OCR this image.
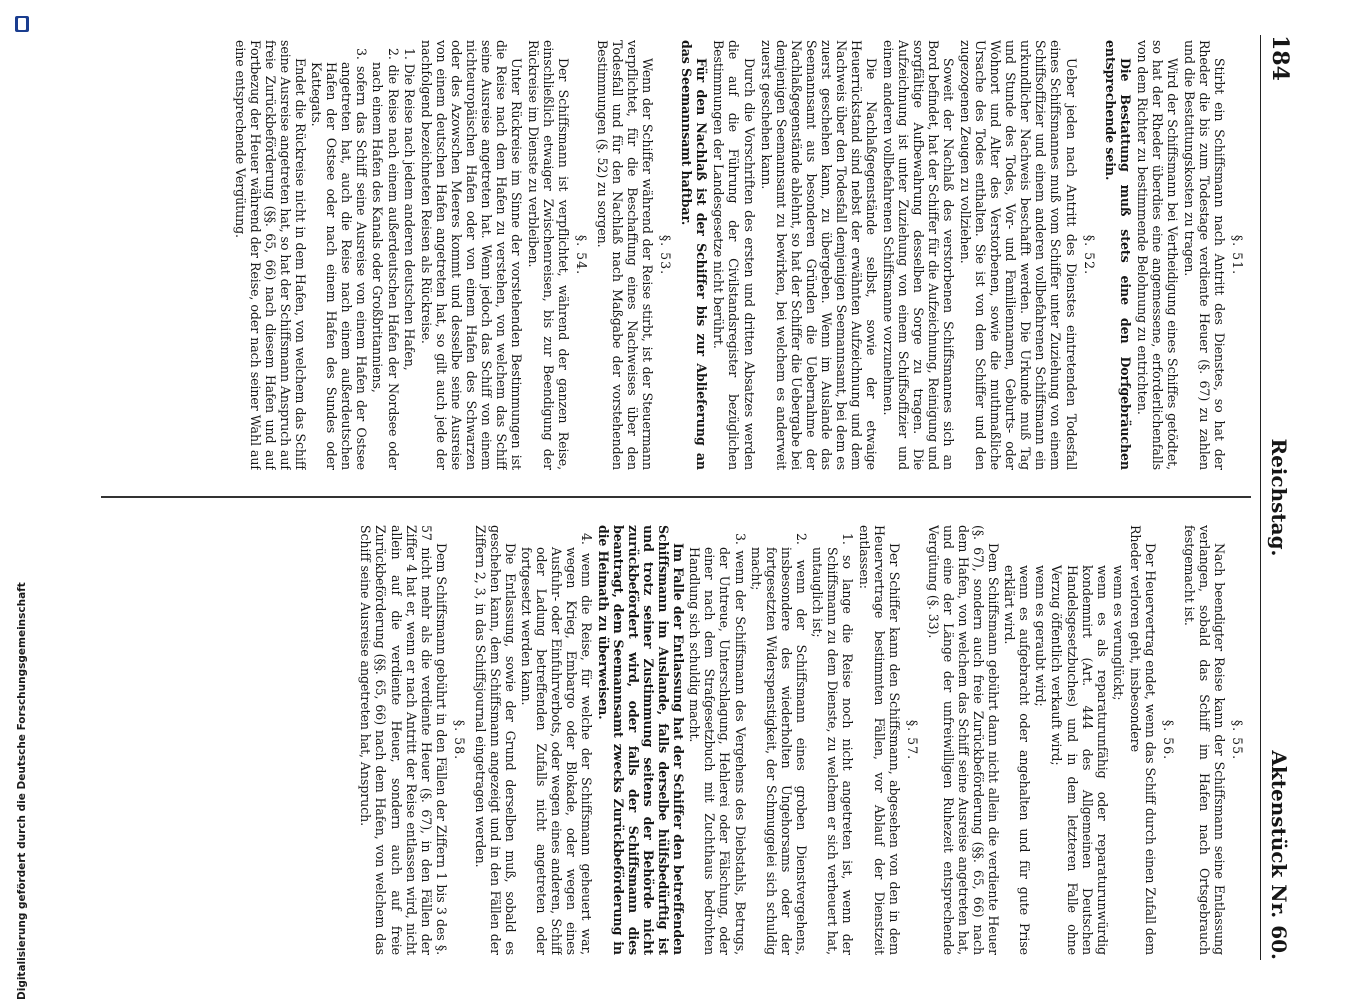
184
Reichstag.
Aktenstück Nr. 60.

§. 51.

Stirbt ein Schiffsmann nach Antritt des Dienstes, so hat der Rheder die bis zum Todestage verdiente Heuer (§. 67) zu zahlen und die Bestattungskosten zu tragen.

Wird der Schiffsmann bei Vertheidigung eines Schiffes getödtet, so hat der Rheder überdies eine angemessene, erforderlichenfalls von dem Richter zu bestimmende Belohnung zu entrichten.

Die Bestattung muß stets eine den Dorfgebräuchen entsprechende sein.

§. 52.

Ueber jeden nach Antritt des Dienstes eintretenden Todesfall eines Schiffsmannes muß vom Schiffer unter Zuziehung von einem Schiffsoffizier und einem anderen vollbefahrenen Schiffsmann ein urkundlicher Nachweis beschafft werden. Die Urkunde muß Tag und Stunde des Todes, Vor- und Familiennamen, Geburts- oder Wohnort und Alter des Verstorbenen, sowie die muthmaßliche Ursache des Todes enthalten. Sie ist von dem Schiffer und den zugezogenen Zeugen zu vollziehen.

Soweit der Nachlaß des verstorbenen Schiffsmannes sich an Bord befindet, hat der Schiffer für die Aufzeichnung, Reinigung und sorgfältige Aufbewahrung desselben Sorge zu tragen. Die Aufzeichnung ist unter Zuziehung von einem Schiffsoffizier und einem anderen vollbefahrenen Schiffsmanne vorzunehmen.

Die Nachlaßgegenstände selbst, sowie der etwaige Heuerrückstand sind nebst der erwähnten Aufzeichnung und dem Nachweis über den Todesfall demjenigen Seemannsamt, bei dem es zuerst geschehen kann, zu übergeben. Wenn im Auslande das Seemannsamt aus besonderen Gründen die Uebernahme der Nachlaßgegenstände ablehnt, so hat der Schiffer die Uebergabe bei demjenigen Seemannsamt zu bewirken, bei welchem es anderweit zuerst geschehen kann.

Durch die Vorschriften des ersten und dritten Absatzes werden die auf die Führung der Civilstandsregister bezüglichen Bestimmungen der Landesgesetze nicht berührt.

Für den Nachlaß ist der Schiffer bis zur Ablieferung an das Seemannsamt haftbar.

§. 53.

Wenn der Schiffer während der Reise stirbt, ist der Steuermann verpflichtet, für die Beschaffung eines Nachweises über den Todesfall und für den Nachlaß nach Maßgabe der vorstehenden Bestimmungen (§. 52) zu sorgen.

§. 54.

Der Schiffsmann ist verpflichtet, während der ganzen Reise, einschließlich etwaiger Zwischenreisen, bis zur Beendigung der Rückreise im Dienste zu verbleiben.

Unter Rückreise im Sinne der vorstehenden Bestimmungen ist die Reise nach dem Hafen zu verstehen, von welchem das Schiff seine Ausreise angetreten hat. Wenn jedoch das Schiff von einem nichteuropäischen Hafen oder von einem Hafen des Schwarzen oder des Azowschen Meeres kommt und desselbe seine Ausreise von einem deutschen Hafen angetreten hat, so gilt auch jede der nachfolgend bezeichneten Reisen als Rückreise.

1. Die Reise nach jedem anderen deutschen Hafen,

2. die Reise nach einem außerdeutschen Hafen der Nordsee oder nach einem Hafen des Kanals oder Großbritanniens,

3. sofern das Schiff seine Ausreise von einem Hafen der Ostsee angetreten hat, auch die Reise nach einem außerdeutschen Hafen der Ostsee oder nach einem Hafen des Sundes oder Kattegats.

Endet die Rückreise nicht in dem Hafen, von welchem das Schiff seine Ausreise angetreten hat, so hat der Schiffsmann Anspruch auf freie Zurückbeförderung (§§. 65, 66) nach diesem Hafen und auf Fortbezug der Heuer während der Reise, oder nach seiner Wahl auf eine entsprechende Vergütung.

§. 55.

Nach beendigter Reise kann der Schiffsmann seine Entlassung verlangen, sobald das Schiff im Hafen nach Ortsgebrauch festgemacht ist.

§. 56.

Der Heuervertrag endet, wenn das Schiff durch einen Zufall dem Rheder verloren geht, insbesondere

wenn es verunglückt;

wenn es als reparaturunfähig oder reparaturunwürdig kondemnirt (Art. 444 des Allgemeinen Deutschen Handelsgesetzbuches) und in dem letzteren Falle ohne Verzug öffentlich verkauft wird;

wenn es geraubt wird;

wenn es aufgebracht oder angehalten und für gute Prise erklärt wird.

Dem Schiffsmann gebührt dann nicht allein die verdiente Heuer (§. 67), sondern auch freie Zurückbeförderung (§§. 65, 66) nach dem Hafen, von welchem das Schiff seine Ausreise angetreten hat, und eine der Länge der unfreiwilligen Ruhezeit entsprechende Vergütung (§. 33).

§. 57.

Der Schiffer kann den Schiffsmann, abgesehen von den in dem Heuervertrage bestimmten Fällen, vor Ablauf der Dienstzeit entlassen:

1. so lange die Reise noch nicht angetreten ist, wenn der Schiffsmann zu dem Dienste, zu welchem er sich verheuert hat, untauglich ist;

2. wenn der Schiffsmann eines groben Dienstvergehens, insbesondere des wiederholten Ungehorsams oder der fortgesetzten Widerspenstigkeit, der Schmuggelei sich schuldig macht;

3. wenn der Schiffsmann des Vergehens des Diebstahls, Betrugs, der Untreue, Unterschlagung, Hehlerei oder Fälschung, oder einer nach dem Strafgesetzbuch mit Zuchthaus bedrohten Handlung sich schuldig macht.

Im Falle der Entlassung hat der Schiffer den betreffenden Schiffsmann im Auslande, falls derselbe hülfsbedürftig ist und trotz seiner Zustimmung seitens der Behörde nicht zurückbefördert wird, oder falls der Schiffsmann dies beantragt, dem Seemannsamt zwecks Zurückbeförderung in die Heimath zu überweisen.

4. wenn die Reise, für welche der Schiffsmann geheuert war, wegen Krieg, Embargo oder Blokade, oder wegen eines Ausfuhr- oder Einfuhrverbots, oder wegen eines anderen, Schiff oder Ladung betreffenden Zufalls nicht angetreten oder fortgesetzt werden kann.

Die Entlassung, sowie der Grund derselben muß, sobald es geschehen kann, dem Schiffsmann angezeigt und in den Fällen der Ziffern 2, 3, in das Schiffsjournal eingetragen werden.

§. 58.

Dem Schiffsmann gebührt in den Fällen der Ziffern 1 bis 3 des §. 57 nicht mehr als die verdiente Heuer (§. 67), in den Fällen der Ziffer 4 hat er, wenn er nach Antritt der Reise entlassen wird, nicht allein auf die verdiente Heuer, sondern auch auf freie Zurückbeförderung (§§. 65, 66) nach dem Hafen, von welchem das Schiff seine Ausreise angetreten hat, Anspruch.

Digitalisierung gefördert durch die Deutsche Forschungsgemeinschaft
